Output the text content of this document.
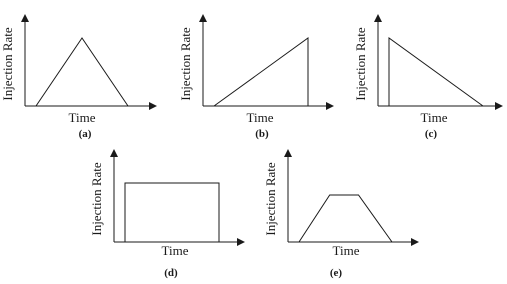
Injection Rate
Time
(a)
Injection Rate
Time
(b)
Injection Rate
Time
(c)
Injection Rate
Time
(d)
Injection Rate
Time
(e)
